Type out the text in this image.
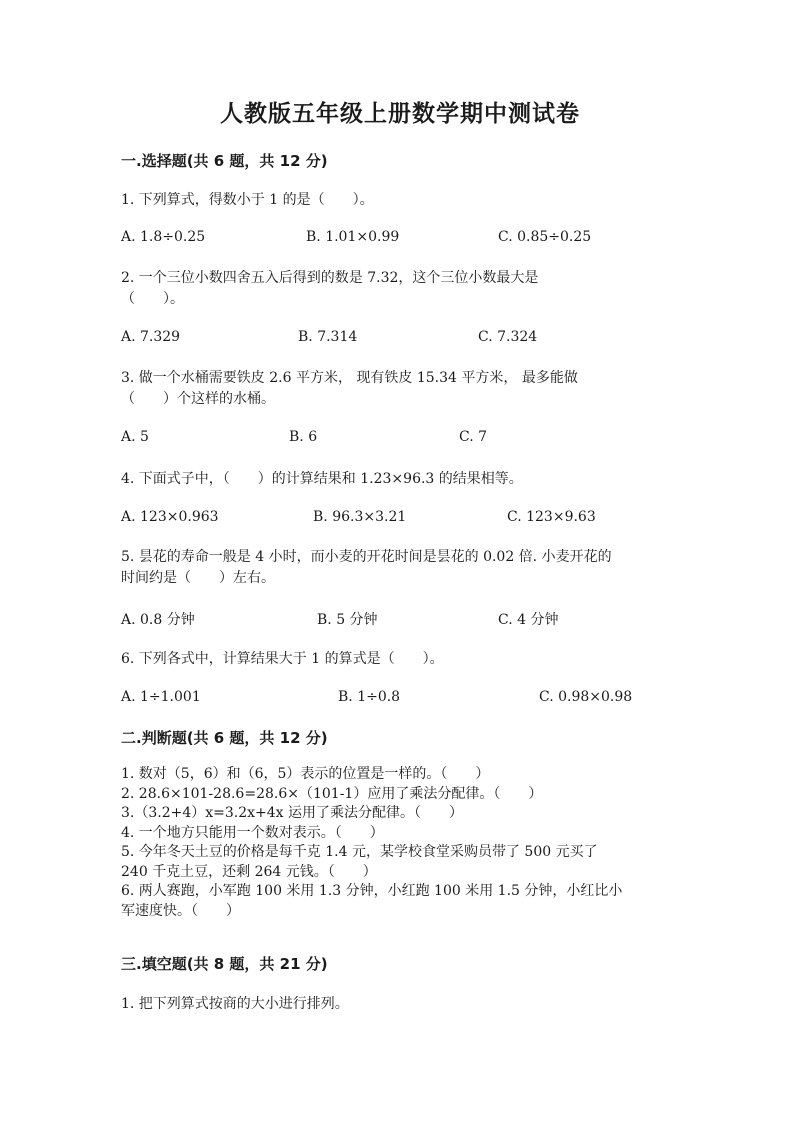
人教版五年级上册数学期中测试卷
一.选择题(共 6 题，共 12 分)
1. 下列算式，得数小于 1 的是（　　）。
A. 1.8÷0.25	B. 1.01×0.99	C. 0.85÷0.25
2. 一个三位小数四舍五入后得到的数是 7.32，这个三位小数最大是
（　　）。
A. 7.329	B. 7.314	C. 7.324
3. 做一个水桶需要铁皮 2.6 平方米， 现有铁皮 15.34 平方米， 最多能做
（　　）个这样的水桶。
A. 5	B. 6	C. 7
4. 下面式子中，（　　）的计算结果和 1.23×96.3 的结果相等。
A. 123×0.963	B. 96.3×3.21	C. 123×9.63
5. 昙花的寿命一般是 4 小时，而小麦的开花时间是昙花的 0.02 倍. 小麦开花的
时间约是（　　）左右。
A. 0.8 分钟	B. 5 分钟	C. 4 分钟
6. 下列各式中，计算结果大于 1 的算式是（　　）。
A. 1÷1.001	B. 1÷0.8	C. 0.98×0.98
二.判断题(共 6 题，共 12 分)
1. 数对（5，6）和（6，5）表示的位置是一样的。（　　）
2. 28.6×101-28.6=28.6×（101-1）应用了乘法分配律。（　　）
3.（3.2+4）x=3.2x+4x 运用了乘法分配律。（　　）
4. 一个地方只能用一个数对表示。（　　）
5. 今年冬天土豆的价格是每千克 1.4 元，某学校食堂采购员带了 500 元买了
240 千克土豆，还剩 264 元钱。（　　）
6. 两人赛跑，小军跑 100 米用 1.3 分钟，小红跑 100 米用 1.5 分钟，小红比小
军速度快。（　　）
三.填空题(共 8 题，共 21 分)
1. 把下列算式按商的大小进行排列。
